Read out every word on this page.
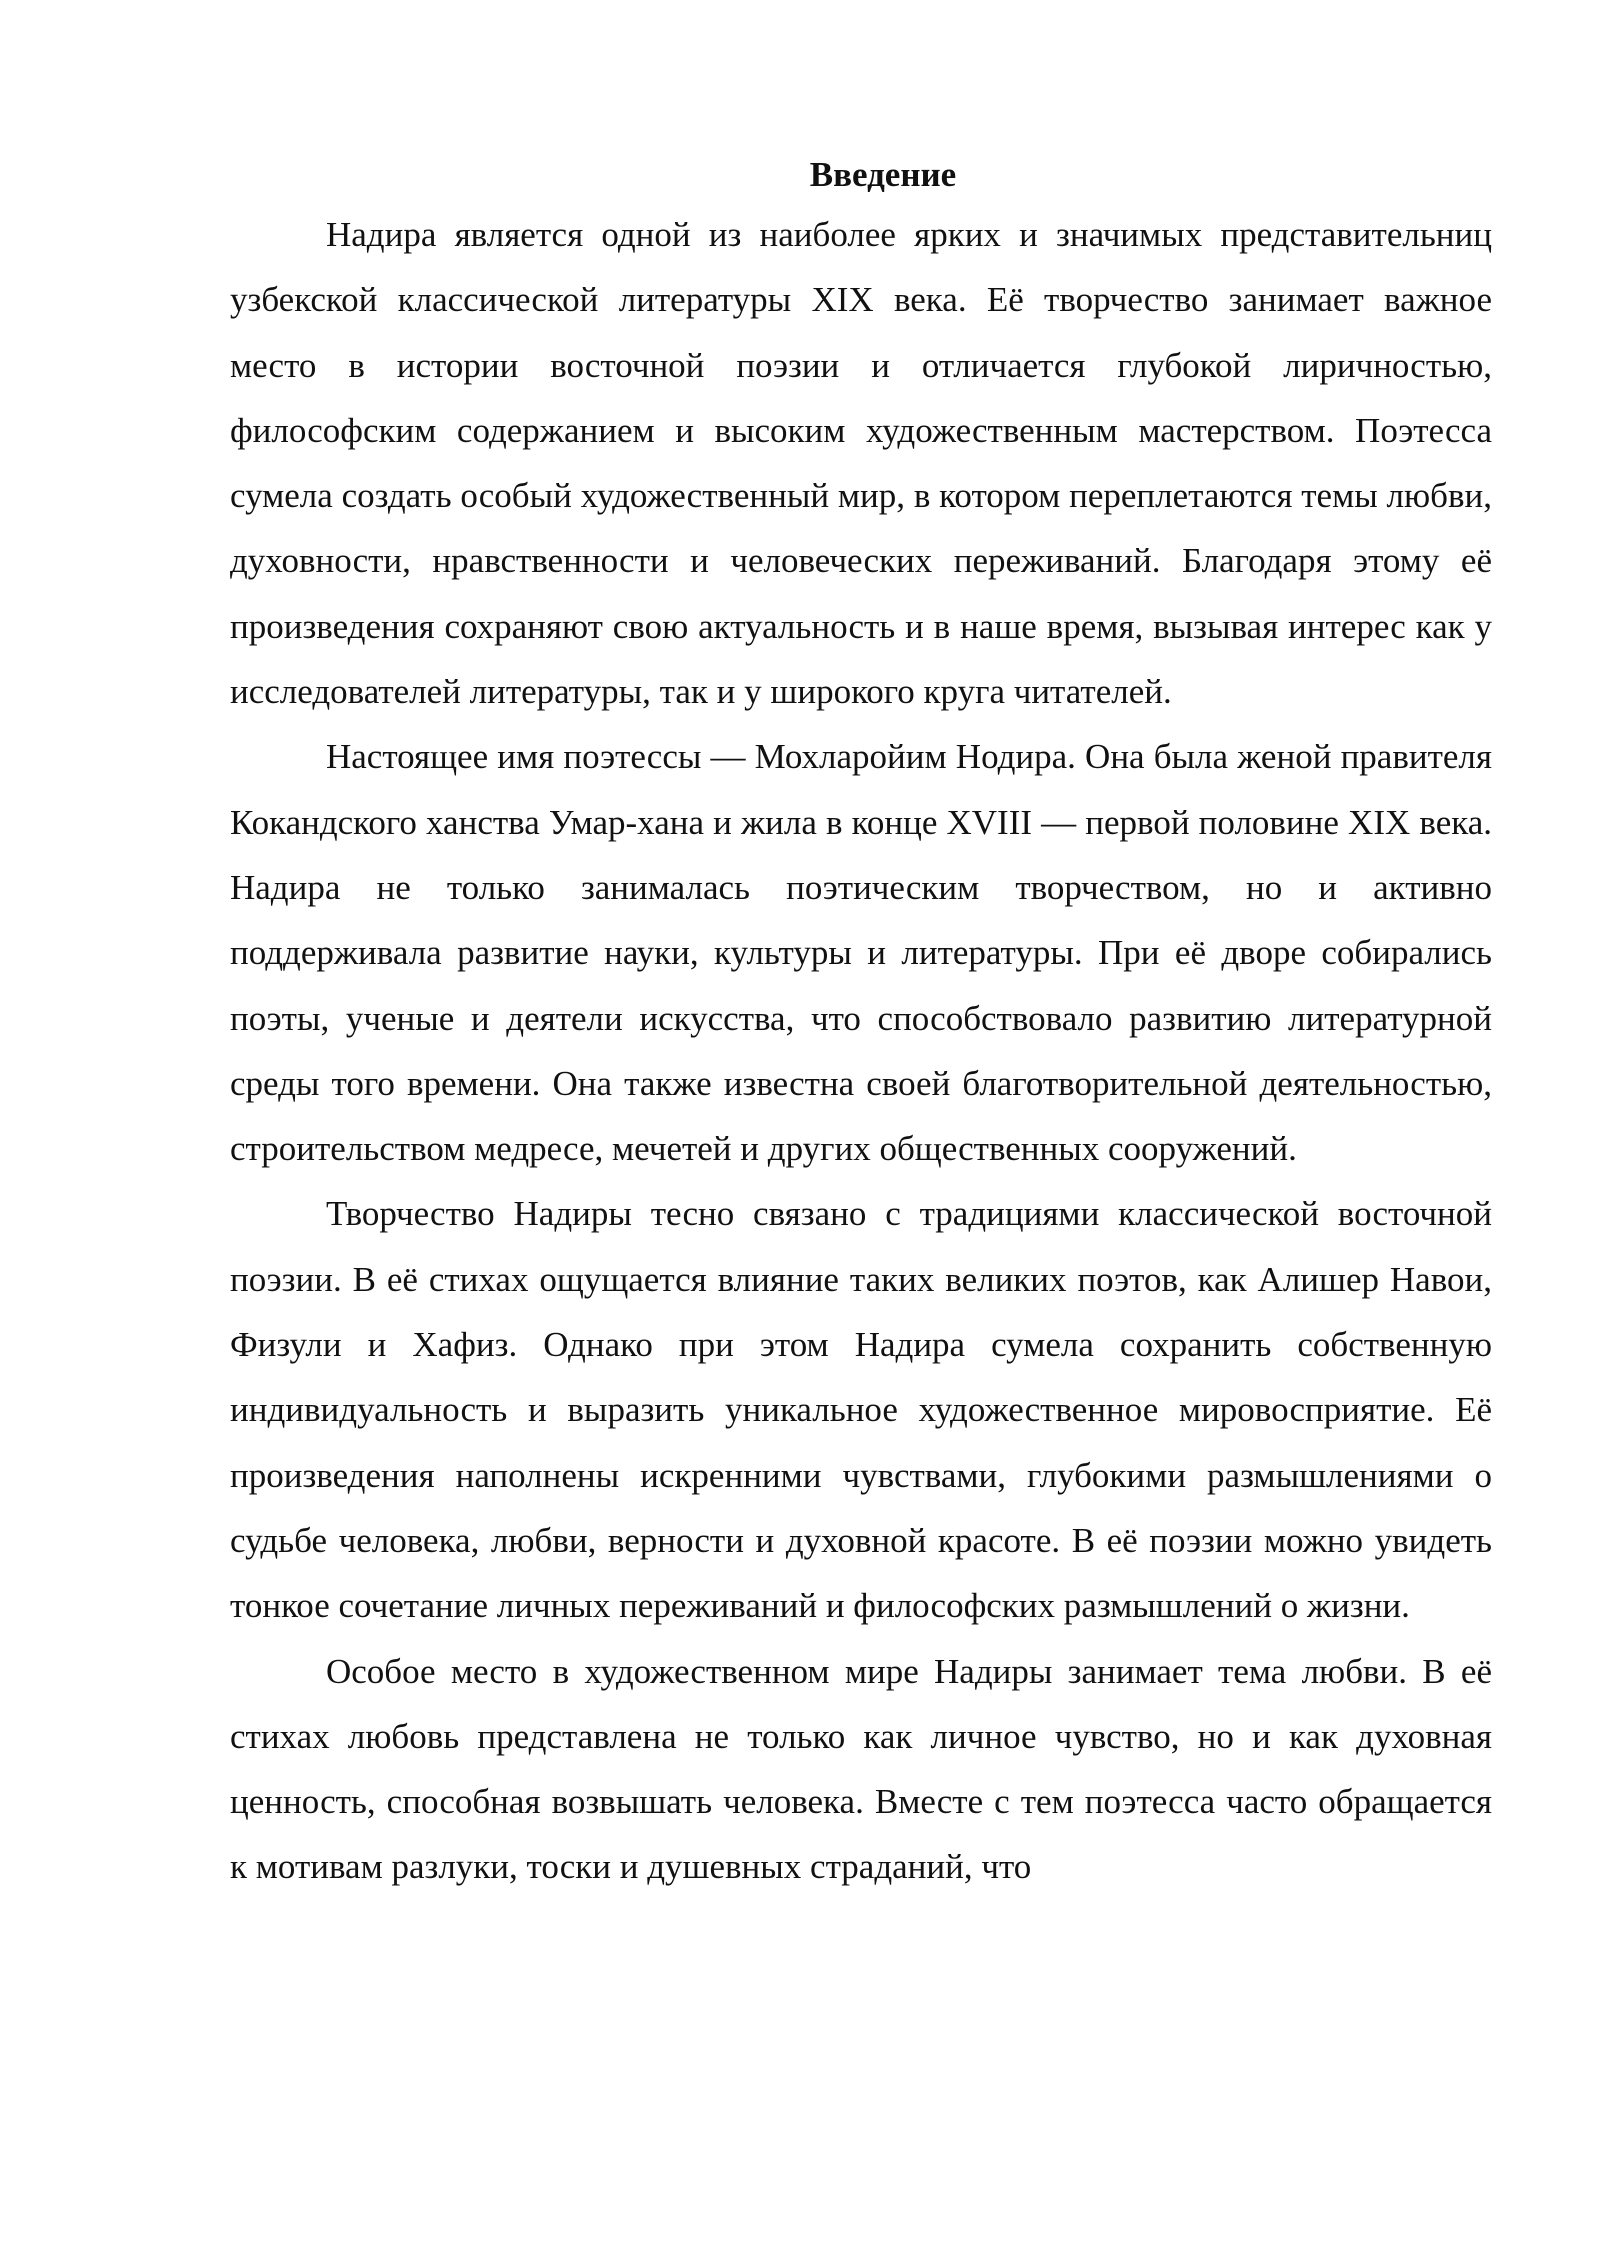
Введение

Надира является одной из наиболее ярких и значимых представительниц узбекской классической литературы XIX века. Её творчество занимает важное место в истории восточной поэзии и отличается глубокой лиричностью, философским содержанием и высоким художественным мастерством. Поэтесса сумела создать особый художественный мир, в котором переплетаются темы любви, духовности, нравственности и человеческих переживаний. Благодаря этому её произведения сохраняют свою актуальность и в наше время, вызывая интерес как у исследователей литературы, так и у широкого круга читателей.

Настоящее имя поэтессы — Мохларойим Нодира. Она была женой правителя Кокандского ханства Умар-хана и жила в конце XVIII — первой половине XIX века. Надира не только занималась поэтическим творчеством, но и активно поддерживала развитие науки, культуры и литературы. При её дворе собирались поэты, ученые и деятели искусства, что способствовало развитию литературной среды того времени. Она также известна своей благотворительной деятельностью, строительством медресе, мечетей и других общественных сооружений.

Творчество Надиры тесно связано с традициями классической восточной поэзии. В её стихах ощущается влияние таких великих поэтов, как Алишер Навои, Физули и Хафиз. Однако при этом Надира сумела сохранить собственную индивидуальность и выразить уникальное художественное мировосприятие. Её произведения наполнены искренними чувствами, глубокими размышлениями о судьбе человека, любви, верности и духовной красоте. В её поэзии можно увидеть тонкое сочетание личных переживаний и философских размышлений о жизни.

Особое место в художественном мире Надиры занимает тема любви. В её стихах любовь представлена не только как личное чувство, но и как духовная ценность, способная возвышать человека. Вместе с тем поэтесса часто обращается к мотивам разлуки, тоски и душевных страданий, что
